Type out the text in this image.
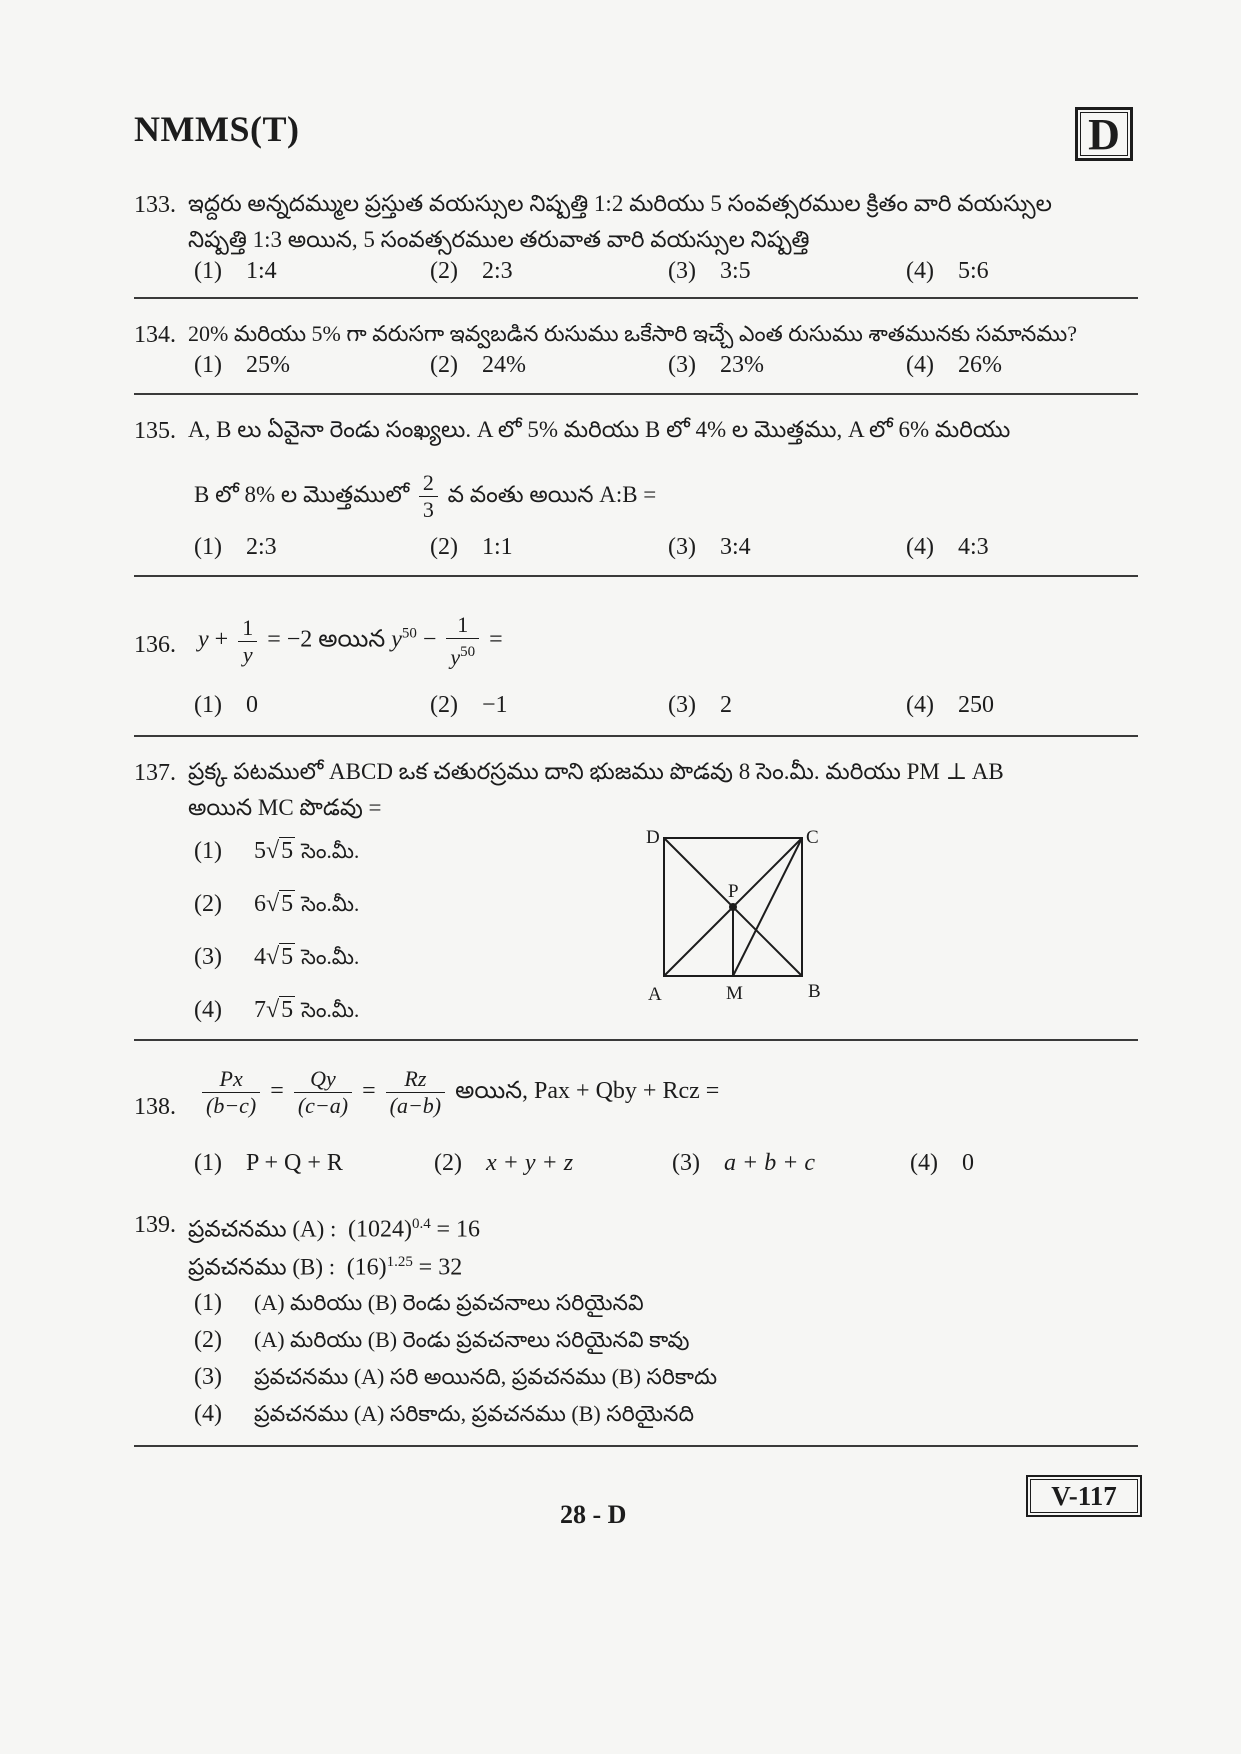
NMMS(T)	D
133. ఇద్దరు అన్నదమ్ముల ప్రస్తుత వయస్సుల నిష్పత్తి 1:2 మరియు 5 సంవత్సరముల క్రితం వారి వయస్సుల
నిష్పత్తి 1:3 అయిన, 5 సంవత్సరముల తరువాత వారి వయస్సుల నిష్పత్తి
(1) 1:4	(2) 2:3	(3) 3:5	(4) 5:6
134. 20% మరియు 5% గా వరుసగా ఇవ్వబడిన రుసుము ఒకేసారి ఇచ్చే ఎంత రుసుము శాతమునకు సమానము?
(1) 25%	(2) 24%	(3) 23%	(4) 26%
135. A, B లు ఏవైనా రెండు సంఖ్యలు. A లో 5% మరియు B లో 4% ల మొత్తము, A లో 6% మరియు
B లో 8% ల మొత్తములో $\frac{2}{3}$ వ వంతు అయిన A:B =
(1) 2:3	(2) 1:1	(3) 3:4	(4) 4:3
136. $y + \frac{1}{y} = -2$ అయిన $y^{50} - \frac{1}{y^{50}}$ =
(1) 0	(2) −1	(3) 2	(4) 250
137. ప్రక్క పటములో ABCD ఒక చతురస్రము దాని భుజము పొడవు 8 సెం.మీ. మరియు PM ⊥ AB
అయిన MC పొడవు =
(1) 5√5 సెం.మీ.
(2) 6√5 సెం.మీ.
(3) 4√5 సెం.మీ.
(4) 7√5 సెం.మీ.
A	B
C
D
P
M
138. $\frac{Px}{(b-c)} = \frac{Qy}{(c-a)} = \frac{Rz}{(a-b)}$ అయిన, Pax + Qby + Rcz =
(1) P + Q + R	(2) x + y + z	(3) a + b + c	(4) 0
139. ప్రవచనము (A) : $(1024)^{0.4} = 16$
ప్రవచనము (B) : $(16)^{1.25} = 32$
(1) (A) మరియు (B) రెండు ప్రవచనాలు సరియైనవి
(2) (A) మరియు (B) రెండు ప్రవచనాలు సరియైనవి కావు
(3) ప్రవచనము (A) సరి అయినది, ప్రవచనము (B) సరికాదు
(4) ప్రవచనము (A) సరికాదు, ప్రవచనము (B) సరియైనది
28 - D
V-117
